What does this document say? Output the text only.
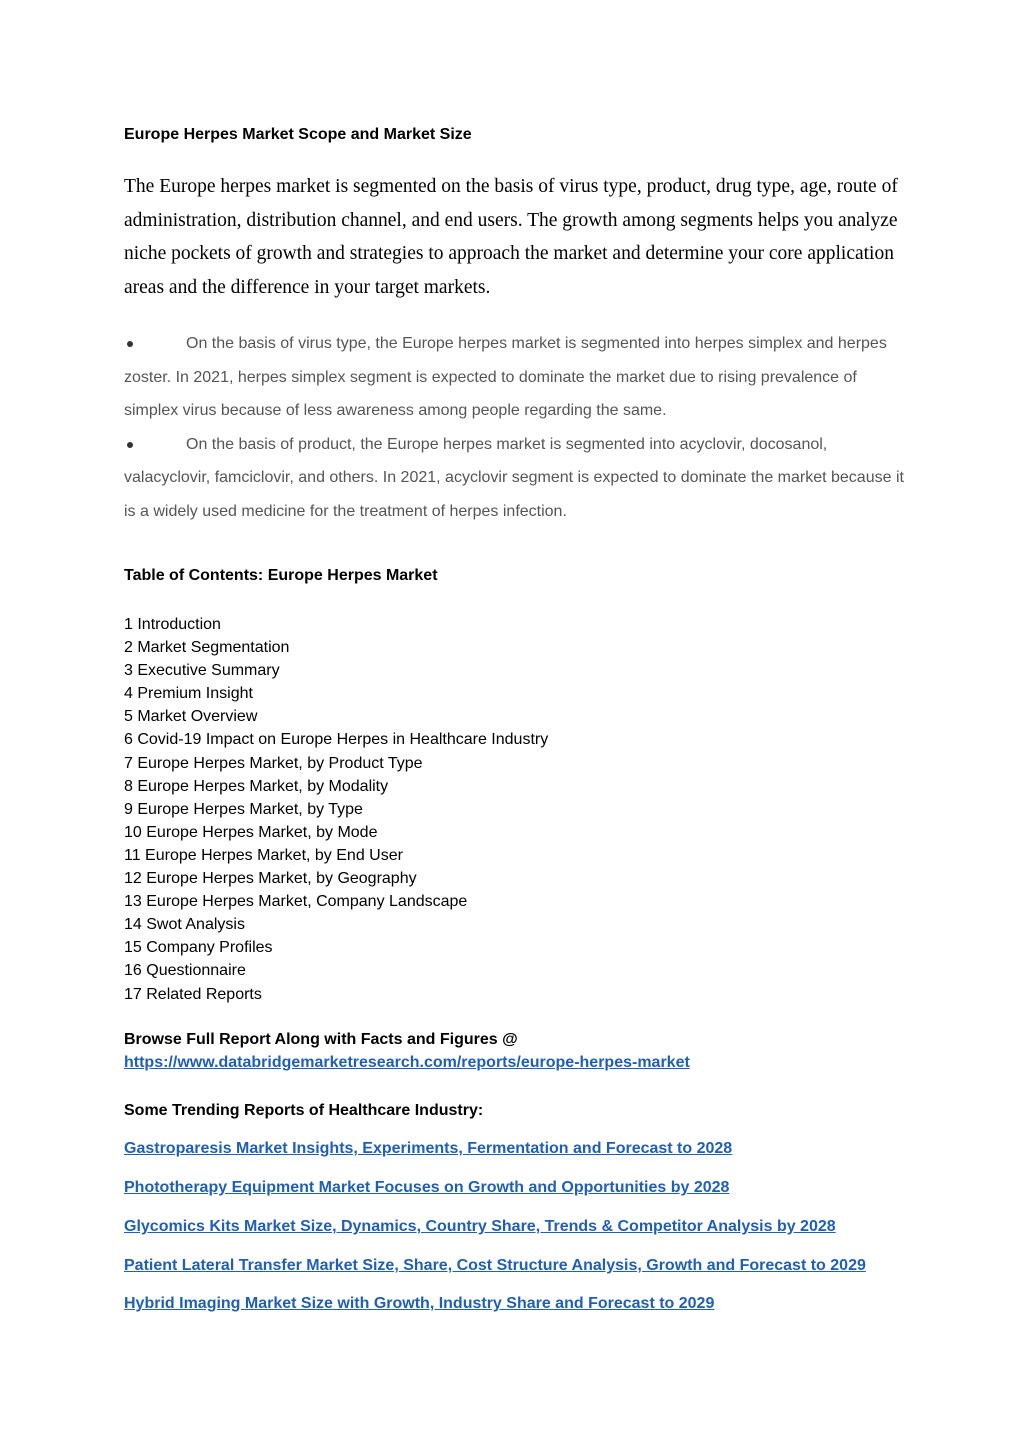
Europe Herpes Market Scope and Market Size

The Europe herpes market is segmented on the basis of virus type, product, drug type, age, route of administration, distribution channel, and end users. The growth among segments helps you analyze niche pockets of growth and strategies to approach the market and determine your core application areas and the difference in your target markets.

On the basis of virus type, the Europe herpes market is segmented into herpes simplex and herpes zoster. In 2021, herpes simplex segment is expected to dominate the market due to rising prevalence of simplex virus because of less awareness among people regarding the same.
On the basis of product, the Europe herpes market is segmented into acyclovir, docosanol, valacyclovir, famciclovir, and others. In 2021, acyclovir segment is expected to dominate the market because it is a widely used medicine for the treatment of herpes infection.
Table of Contents: Europe Herpes Market
1 Introduction
2 Market Segmentation
3 Executive Summary
4 Premium Insight
5 Market Overview
6 Covid-19 Impact on Europe Herpes in Healthcare Industry
7 Europe Herpes Market, by Product Type
8 Europe Herpes Market, by Modality
9 Europe Herpes Market, by Type
10 Europe Herpes Market, by Mode
11 Europe Herpes Market, by End User
12 Europe Herpes Market, by Geography
13 Europe Herpes Market, Company Landscape
14 Swot Analysis
15 Company Profiles
16 Questionnaire
17 Related Reports
Browse Full Report Along with Facts and Figures @
https://www.databridgemarketresearch.com/reports/europe-herpes-market
Some Trending Reports of Healthcare Industry:
Gastroparesis Market Insights, Experiments, Fermentation and Forecast to 2028
Phototherapy Equipment Market Focuses on Growth and Opportunities by 2028
Glycomics Kits Market Size, Dynamics, Country Share, Trends & Competitor Analysis by 2028
Patient Lateral Transfer Market Size, Share, Cost Structure Analysis, Growth and Forecast to 2029
Hybrid Imaging Market Size with Growth, Industry Share and Forecast to 2029
